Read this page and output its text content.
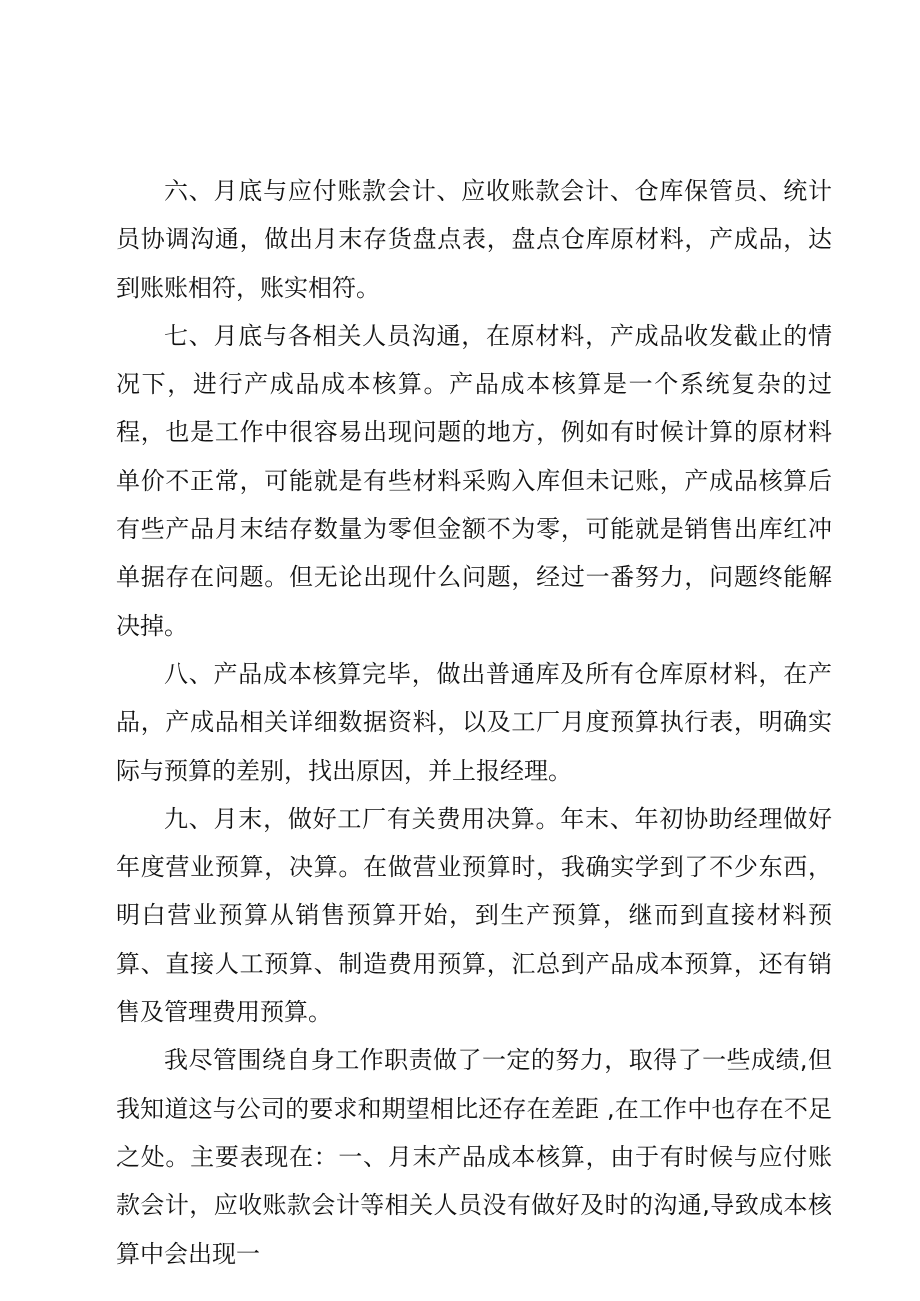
六、月底与应付账款会计、应收账款会计、仓库保管员、统计员协调沟通，做出月末存货盘点表，盘点仓库原材料，产成品，达到账账相符，账实相符。

七、月底与各相关人员沟通，在原材料，产成品收发截止的情况下，进行产成品成本核算。产品成本核算是一个系统复杂的过程，也是工作中很容易出现问题的地方，例如有时候计算的原材料单价不正常，可能就是有些材料采购入库但未记账，产成品核算后有些产品月末结存数量为零但金额不为零，可能就是销售出库红冲单据存在问题。但无论出现什么问题，经过一番努力，问题终能解决掉。

八、产品成本核算完毕，做出普通库及所有仓库原材料，在产品，产成品相关详细数据资料，以及工厂月度预算执行表，明确实际与预算的差别，找出原因，并上报经理。

九、月末，做好工厂有关费用决算。年末、年初协助经理做好年度营业预算，决算。在做营业预算时，我确实学到了不少东西，明白营业预算从销售预算开始，到生产预算，继而到直接材料预算、直接人工预算、制造费用预算，汇总到产品成本预算，还有销售及管理费用预算。

我尽管围绕自身工作职责做了一定的努力，取得了一些成绩,但我知道这与公司的要求和期望相比还存在差距 ,在工作中也存在不足之处。主要表现在：一、月末产品成本核算，由于有时候与应付账款会计，应收账款会计等相关人员没有做好及时的沟通,导致成本核算中会出现一
